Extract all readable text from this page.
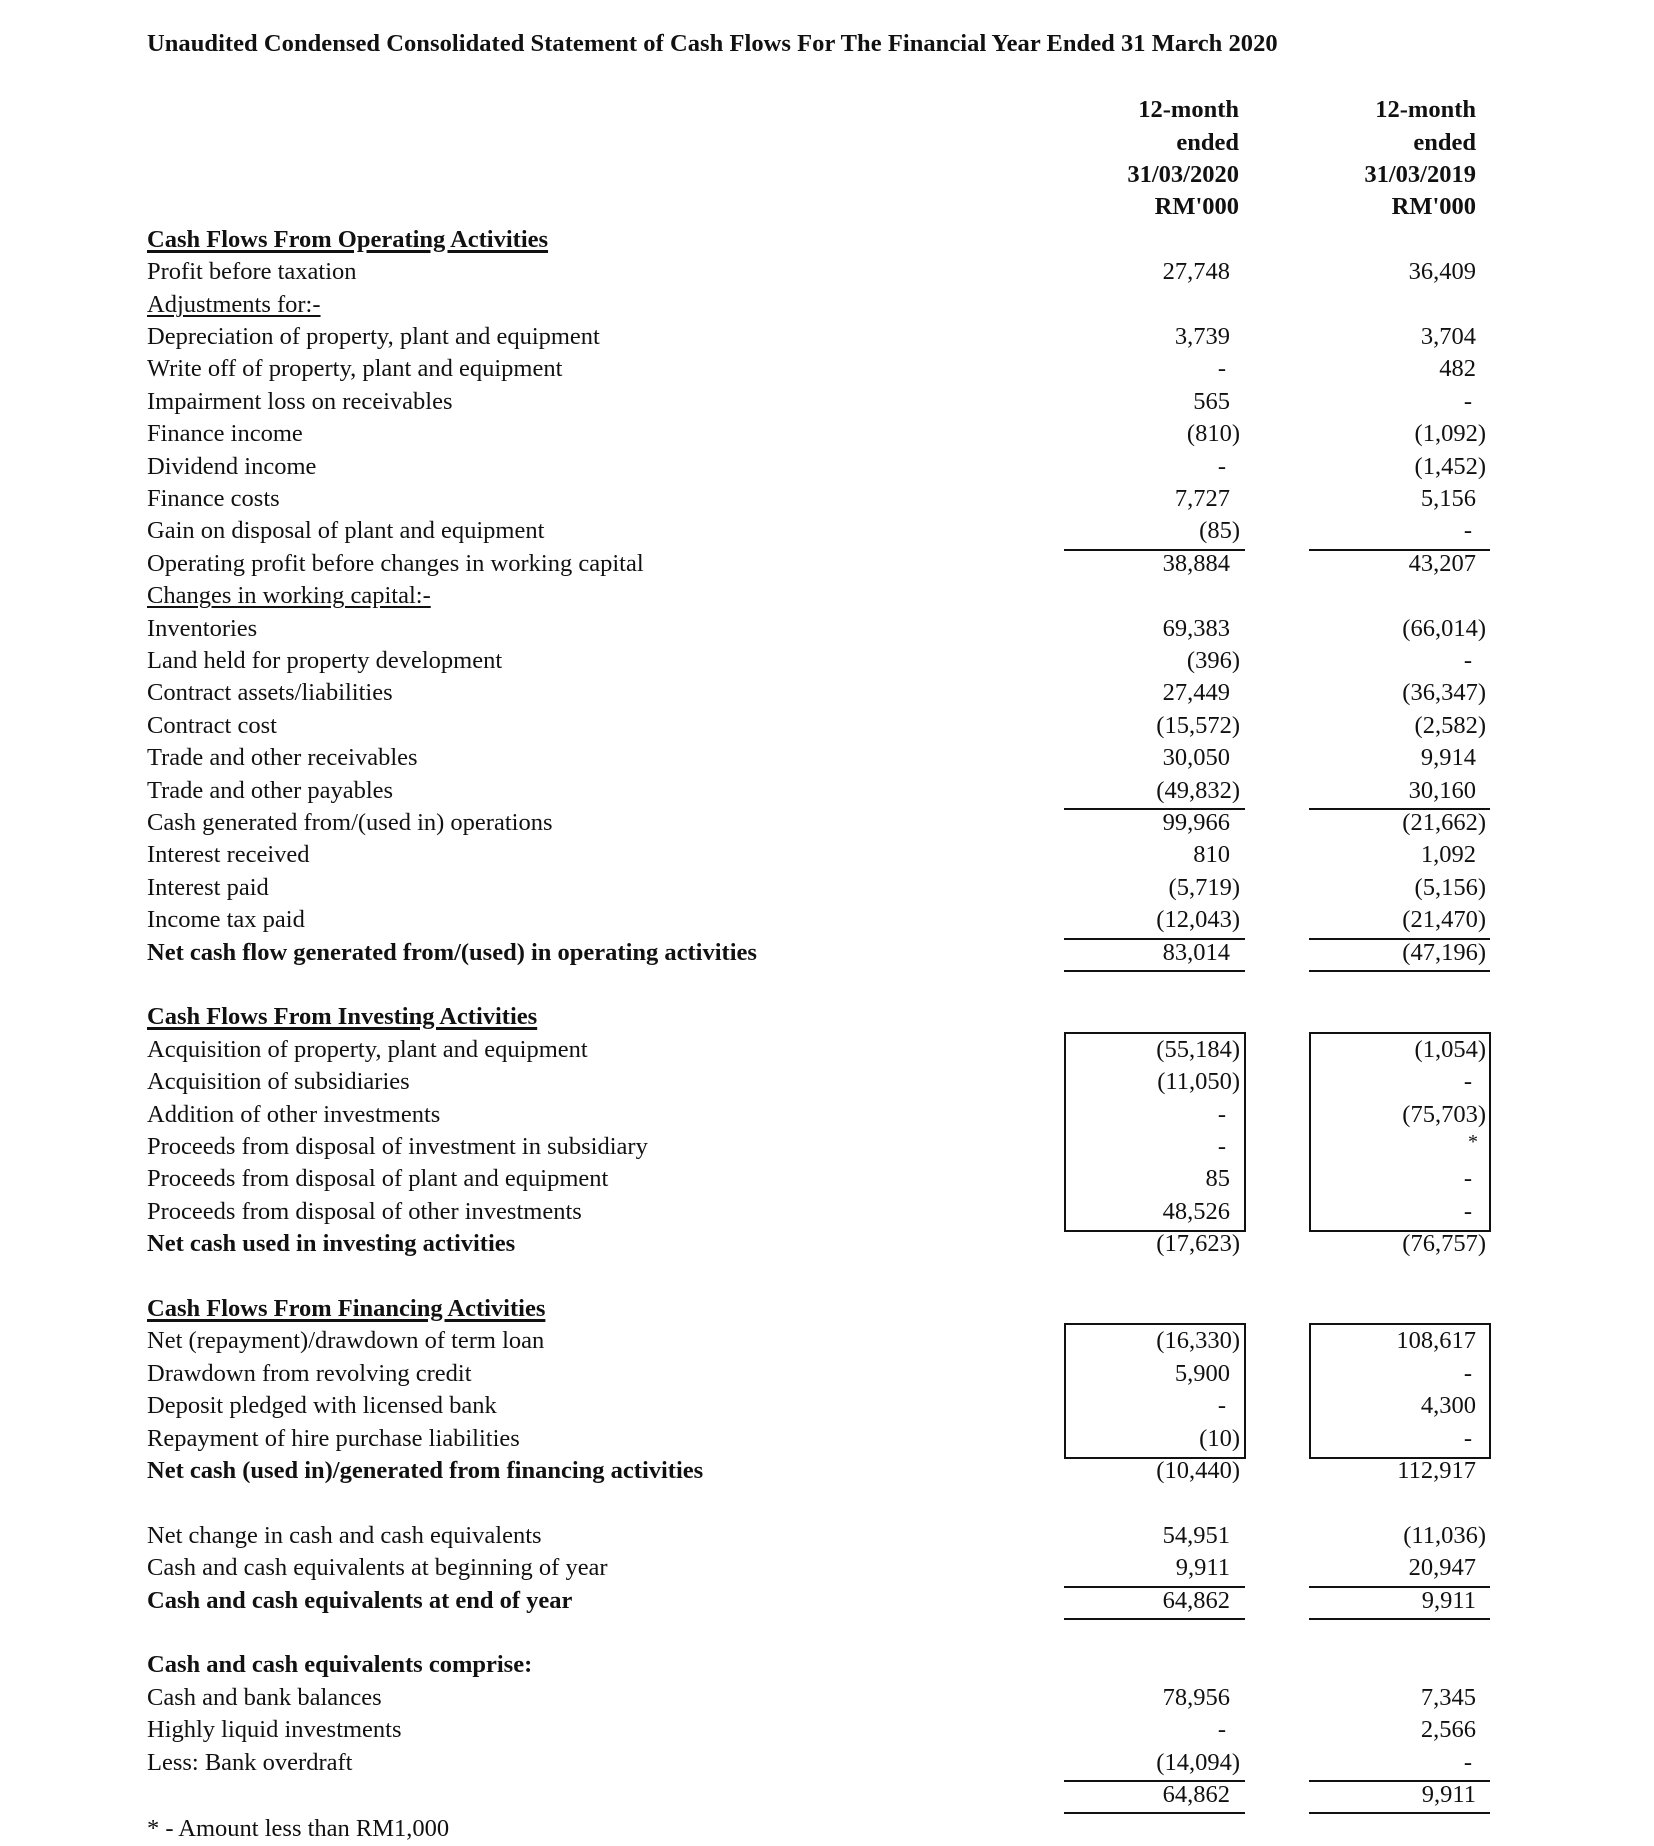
Unaudited Condensed Consolidated Statement of Cash Flows For The Financial Year Ended 31 March 2020
12-month	12-month
ended	ended
31/03/2020	31/03/2019
RM'000	RM'000
Cash Flows From Operating Activities
Profit before taxation	27,748	36,409
Adjustments for:-
Depreciation of property, plant and equipment	3,739	3,704
Write off of property, plant and equipment	-	482
Impairment loss on receivables	565	-
Finance income	(810)	(1,092)
Dividend income	-	(1,452)
Finance costs	7,727	5,156
Gain on disposal of plant and equipment	(85)	-
Operating profit before changes in working capital	38,884	43,207
Changes in working capital:-
Inventories	69,383	(66,014)
Land held for property development	(396)	-
Contract assets/liabilities	27,449	(36,347)
Contract cost	(15,572)	(2,582)
Trade and other receivables	30,050	9,914
Trade and other payables	(49,832)	30,160
Cash generated from/(used in) operations	99,966	(21,662)
Interest received	810	1,092
Interest paid	(5,719)	(5,156)
Income tax paid	(12,043)	(21,470)
Net cash flow generated from/(used) in operating activities	83,014	(47,196)
Cash Flows From Investing Activities
Acquisition of property, plant and equipment	(55,184)	(1,054)
Acquisition of subsidiaries	(11,050)	-
Addition of other investments	-	(75,703)
Proceeds from disposal of investment in subsidiary	-	*
Proceeds from disposal of plant and equipment	85	-
Proceeds from disposal of other investments	48,526	-
Net cash used in investing activities	(17,623)	(76,757)
Cash Flows From Financing Activities
Net (repayment)/drawdown of term loan	(16,330)	108,617
Drawdown from revolving credit	5,900	-
Deposit pledged with licensed bank	-	4,300
Repayment of hire purchase liabilities	(10)	-
Net cash (used in)/generated from financing activities	(10,440)	112,917
Net change in cash and cash equivalents	54,951	(11,036)
Cash and cash equivalents at beginning of year	9,911	20,947
Cash and cash equivalents at end of year	64,862	9,911
Cash and cash equivalents comprise:
Cash and bank balances	78,956	7,345
Highly liquid investments	-	2,566
Less: Bank overdraft	(14,094)	-
64,862	9,911
* - Amount less than RM1,000
